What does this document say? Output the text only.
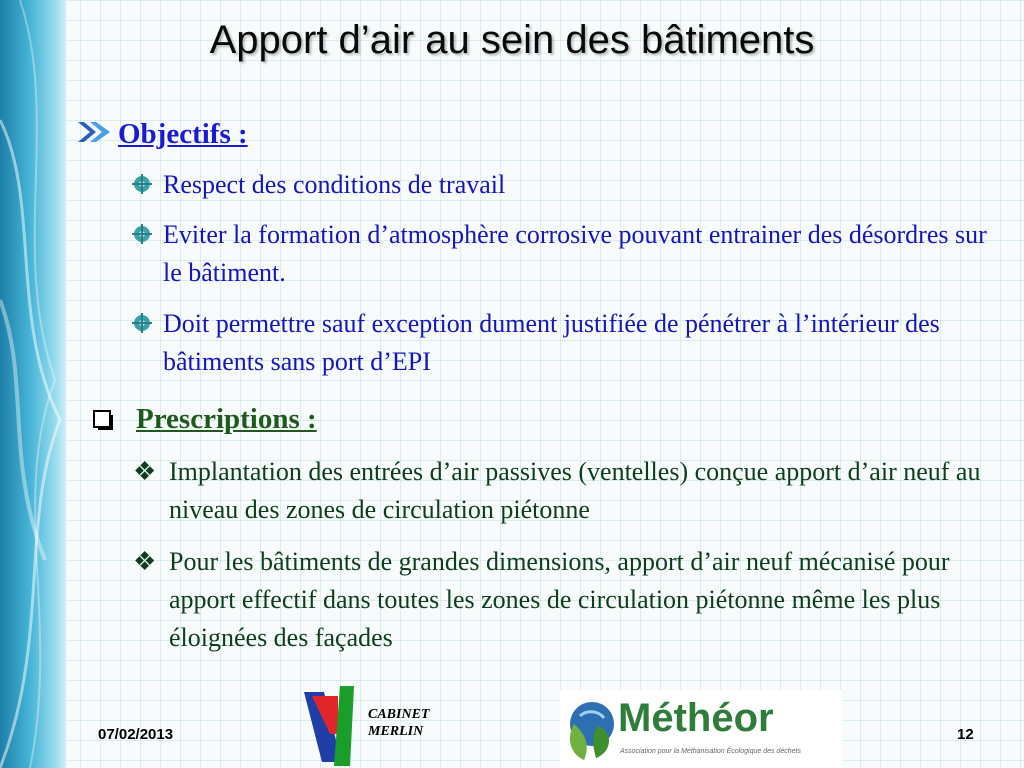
Apport d’air au sein des bâtiments
Objectifs :
Respect des conditions de travail
Eviter la formation d’atmosphère corrosive pouvant entrainer des désordres sur le bâtiment.
Doit permettre sauf exception dument justifiée de pénétrer à l’intérieur des bâtiments sans port d’EPI
Prescriptions :
❖ Implantation des entrées d’air passives (ventelles) conçue apport d’air neuf au niveau des zones de circulation piétonne
❖ Pour les bâtiments de grandes dimensions, apport d’air neuf mécanisé pour apport effectif dans toutes les zones de circulation piétonne même les plus éloignées des façades
07/02/2013
CABINET
MERLIN	Méthéor
Association pour la Méthanisation Écologique des déchets
12
